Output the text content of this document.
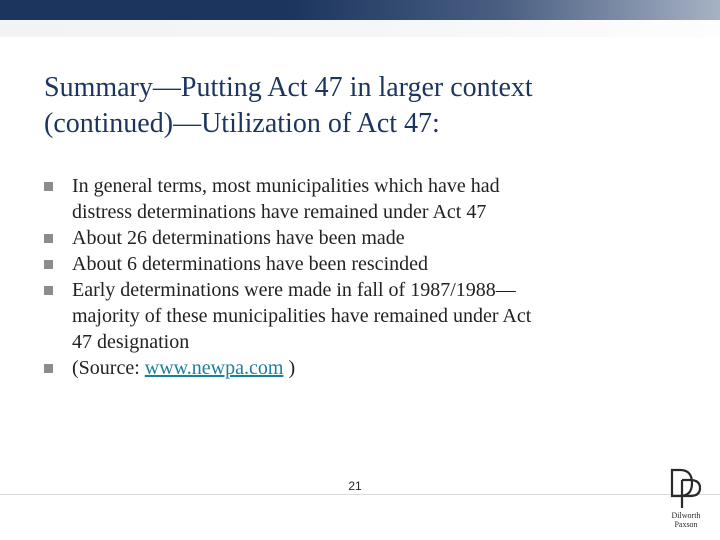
Summary—Putting Act 47 in larger context
(continued)—Utilization of Act 47:
In general terms, most municipalities which have had
distress determinations have remained under Act 47
About 26 determinations have been made
About 6 determinations have been rescinded
Early determinations were made in fall of 1987/1988—
majority of these municipalities have remained under Act
47 designation
(Source: www.newpa.com )
21
Dilworth
Paxson
